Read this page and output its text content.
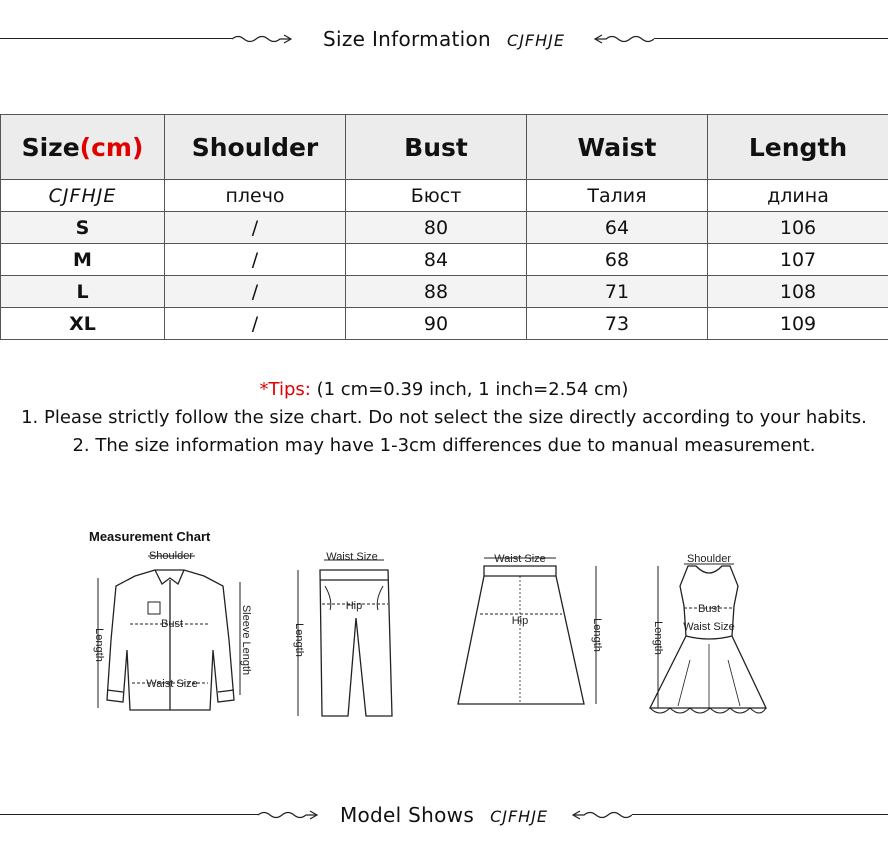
Size Information CJFHJE
Size(cm)	Shoulder	Bust	Waist	Length
CJFHJE	плечо	Бюст	Талия	длина
S	/	80	64	106
M	/	84	68	107
L	/	88	71	108
XL	/	90	73	109

*Tips: (1 cm=0.39 inch, 1 inch=2.54 cm)

1. Please strictly follow the size chart. Do not select the size directly according to your habits.

2. The size information may have 1-3cm differences due to manual measurement.

Measurement Chart
Shoulder
Bust
Waist Size
Length	Sleeve Length
Waist Size
Hip
Length
Waist Size
Hip	Length
Shoulder
Bust
Waist Size
Length
Model Shows CJFHJE
